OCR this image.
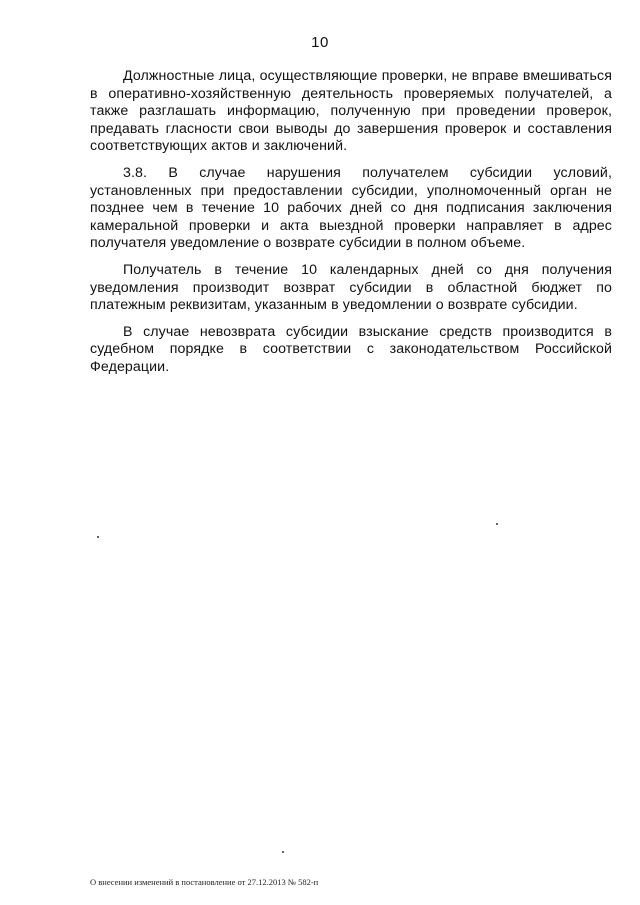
10

Должностные лица, осуществляющие проверки, не вправе вмешиваться в оперативно-хозяйственную деятельность проверяемых получателей, а также разглашать информацию, полученную при проведении проверок, предавать гласности свои выводы до завершения проверок и составления соответствующих актов и заключений.

3.8. В случае нарушения получателем субсидии условий, установленных при предоставлении субсидии, уполномоченный орган не позднее чем в течение 10 рабочих дней со дня подписания заключения камеральной проверки и акта выездной проверки направляет в адрес получателя уведомление о возврате субсидии в полном объеме.

Получатель в течение 10 календарных дней со дня получения уведомления производит возврат субсидии в областной бюджет по платежным реквизитам, указанным в уведомлении о возврате субсидии.

В случае невозврата субсидии взыскание средств производится в судебном порядке в соответствии с законодательством Российской Федерации.

О внесении изменений в постановление от 27.12.2013 № 582-п
